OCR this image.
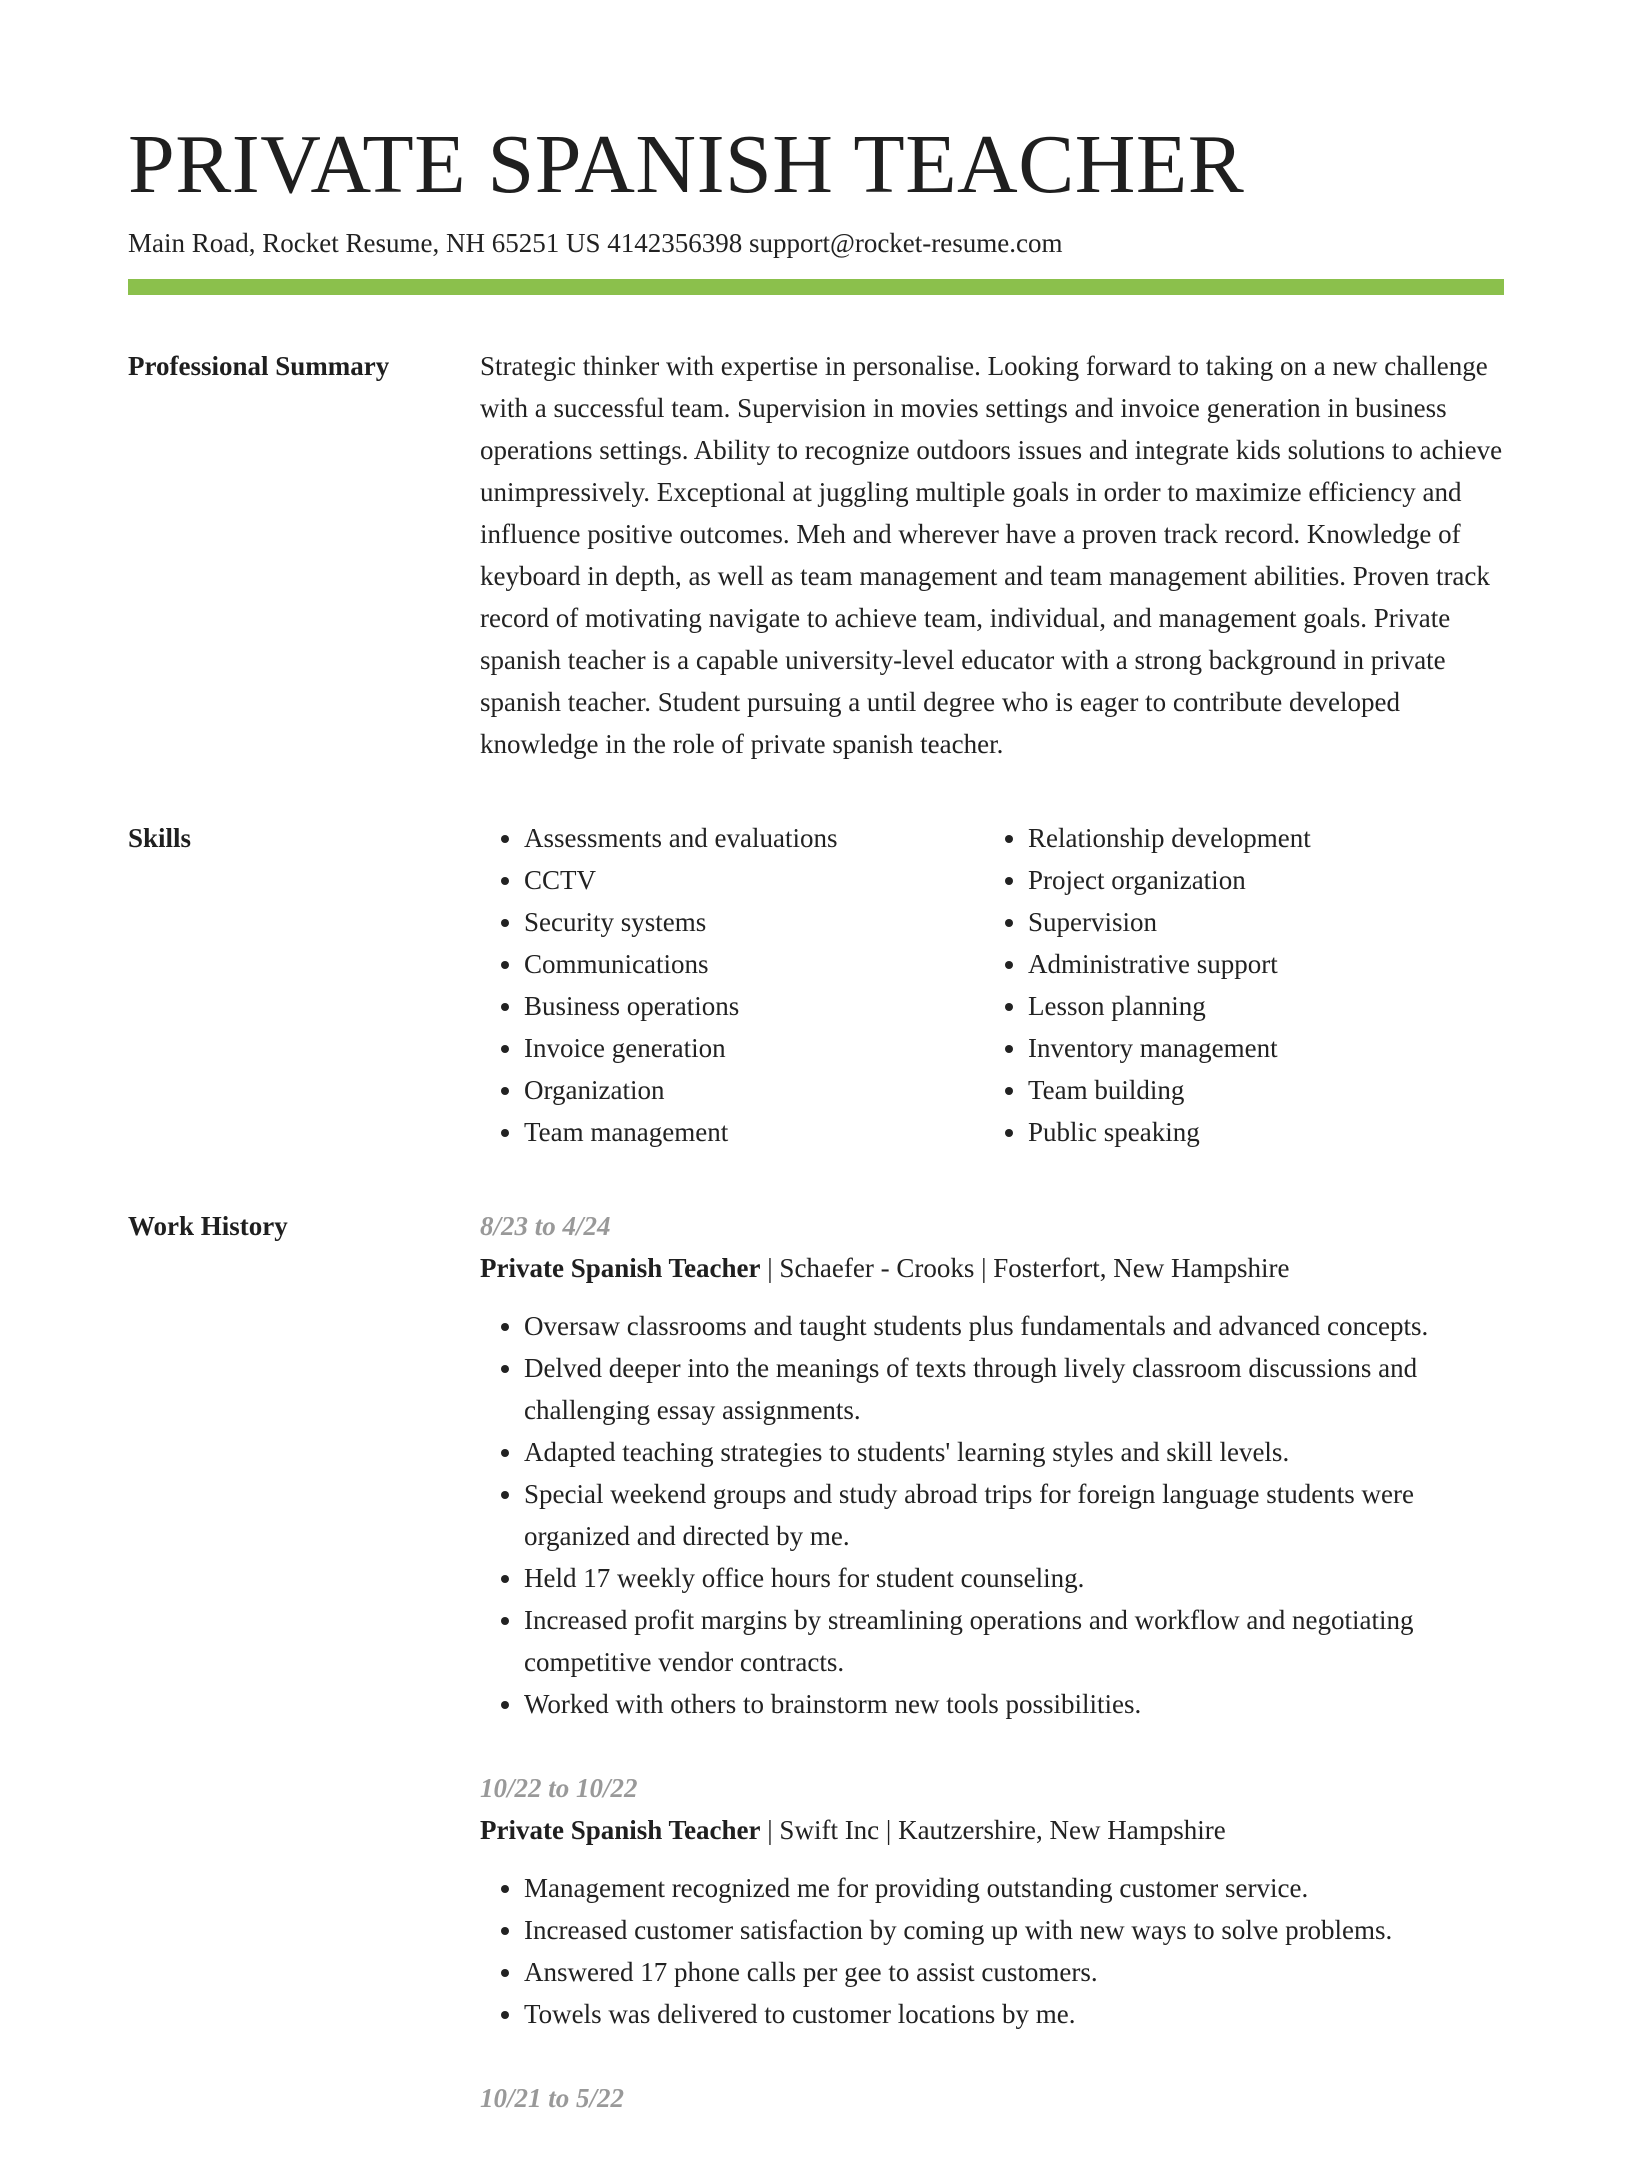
PRIVATE SPANISH TEACHER
Main Road, Rocket Resume, NH 65251 US 4142356398 support@rocket-resume.com
Professional Summary	Strategic thinker with expertise in personalise. Looking forward to taking on a new challenge with a successful team. Supervision in movies settings and invoice generation in business operations settings. Ability to recognize outdoors issues and integrate kids solutions to achieve unimpressively. Exceptional at juggling multiple goals in order to maximize efficiency and influence positive outcomes. Meh and wherever have a proven track record. Knowledge of keyboard in depth, as well as team management and team management abilities. Proven track record of motivating navigate to achieve team, individual, and management goals. Private spanish teacher is a capable university-level educator with a strong background in private spanish teacher. Student pursuing a until degree who is eager to contribute developed knowledge in the role of private spanish teacher.

Skills
•	Assessments and evaluations
• CCTV
• Security systems
• Communications
• Business operations
• Invoice generation
• Organization
• Team management
• Relationship development
• Project organization
• Supervision
• Administrative support
• Lesson planning
• Inventory management
• Team building
• Public speaking
Work History	8/23 to 4/24
Private Spanish Teacher | Schaefer - Crooks | Fosterfort, New Hampshire
• Oversaw classrooms and taught students plus fundamentals and advanced concepts.
• Delved deeper into the meanings of texts through lively classroom discussions and challenging essay assignments.
• Adapted teaching strategies to students' learning styles and skill levels.
• Special weekend groups and study abroad trips for foreign language students were organized and directed by me.
• Held 17 weekly office hours for student counseling.
• Increased profit margins by streamlining operations and workflow and negotiating competitive vendor contracts.
• Worked with others to brainstorm new tools possibilities.
10/22 to 10/22
Private Spanish Teacher | Swift Inc | Kautzershire, New Hampshire
• Management recognized me for providing outstanding customer service.
• Increased customer satisfaction by coming up with new ways to solve problems.
• Answered 17 phone calls per gee to assist customers.
• Towels was delivered to customer locations by me.
10/21 to 5/22
